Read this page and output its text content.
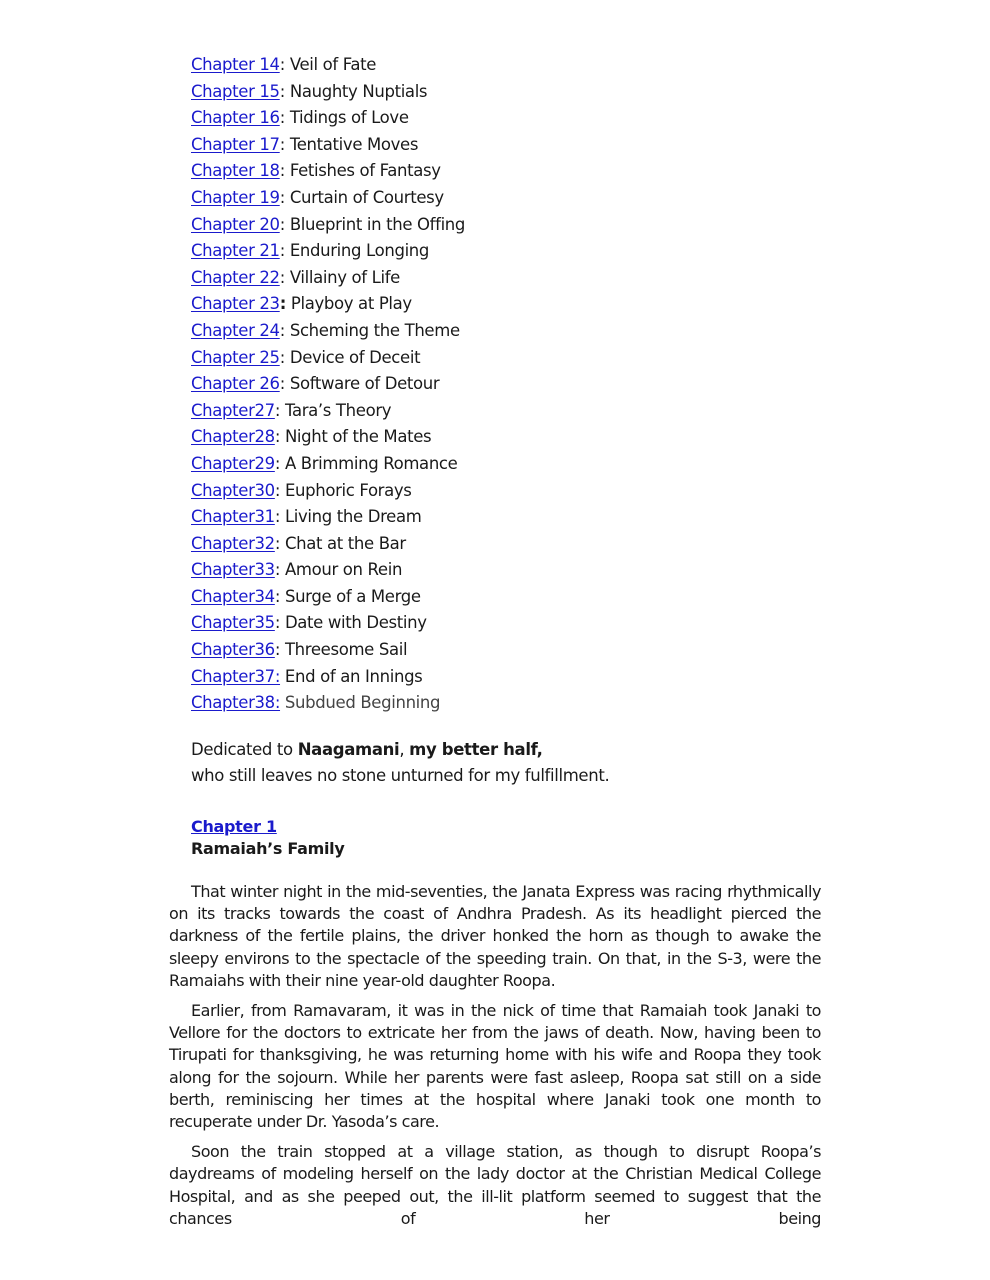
Chapter 14: Veil of Fate
Chapter 15: Naughty Nuptials
Chapter 16: Tidings of Love
Chapter 17: Tentative Moves
Chapter 18: Fetishes of Fantasy
Chapter 19: Curtain of Courtesy
Chapter 20: Blueprint in the Offing
Chapter 21: Enduring Longing
Chapter 22: Villainy of Life
Chapter 23: Playboy at Play
Chapter 24: Scheming the Theme
Chapter 25: Device of Deceit
Chapter 26: Software of Detour
Chapter27: Tara’s Theory
Chapter28: Night of the Mates
Chapter29: A Brimming Romance
Chapter30: Euphoric Forays
Chapter31: Living the Dream
Chapter32: Chat at the Bar
Chapter33: Amour on Rein
Chapter34: Surge of a Merge
Chapter35: Date with Destiny
Chapter36: Threesome Sail
Chapter37: End of an Innings
Chapter38: Subdued Beginning
Dedicated to Naagamani, my better half,
who still leaves no stone unturned for my fulfillment.
Chapter 1
Ramaiah’s Family

That winter night in the mid-seventies, the Janata Express was racing rhythmically on its tracks towards the coast of Andhra Pradesh. As its headlight pierced the darkness of the fertile plains, the driver honked the horn as though to awake the sleepy environs to the spectacle of the speeding train. On that, in the S-3, were the Ramaiahs with their nine year-old daughter Roopa.

Earlier, from Ramavaram, it was in the nick of time that Ramaiah took Janaki to Vellore for the doctors to extricate her from the jaws of death. Now, having been to Tirupati for thanksgiving, he was returning home with his wife and Roopa they took along for the sojourn. While her parents were fast asleep, Roopa sat still on a side berth, reminiscing her times at the hospital where Janaki took one month to recuperate under Dr. Yasoda’s care.

Soon the train stopped at a village station, as though to disrupt Roopa’s daydreams of modeling herself on the lady doctor at the Christian Medical College Hospital, and as she peeped out, the ill-lit platform seemed to suggest that the chances of her being
